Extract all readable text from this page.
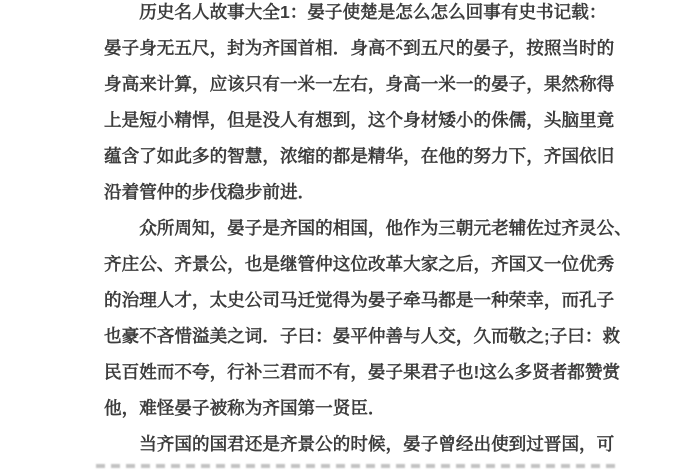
　　历史名人故事大全1：晏子使楚是怎么怎么回事有史书记载：
晏子身无五尺，封为齐国首相．身高不到五尺的晏子，按照当时的
身高来计算，应该只有一米一左右，身高一米一的晏子，果然称得
上是短小精悍，但是没人有想到，这个身材矮小的侏儒，头脑里竟
蕴含了如此多的智慧，浓缩的都是精华，在他的努力下，齐国依旧
沿着管仲的步伐稳步前进．
　　众所周知，晏子是齐国的相国，他作为三朝元老辅佐过齐灵公、
齐庄公、齐景公，也是继管仲这位改革大家之后，齐国又一位优秀
的治理人才，太史公司马迁觉得为晏子牵马都是一种荣幸，而孔子
也豪不吝惜溢美之词．子曰：晏平仲善与人交，久而敬之;子曰：救
民百姓而不夸，行补三君而不有，晏子果君子也!这么多贤者都赞赏
他，难怪晏子被称为齐国第一贤臣．
　　当齐国的国君还是齐景公的时候，晏子曾经出使到过晋国，可
